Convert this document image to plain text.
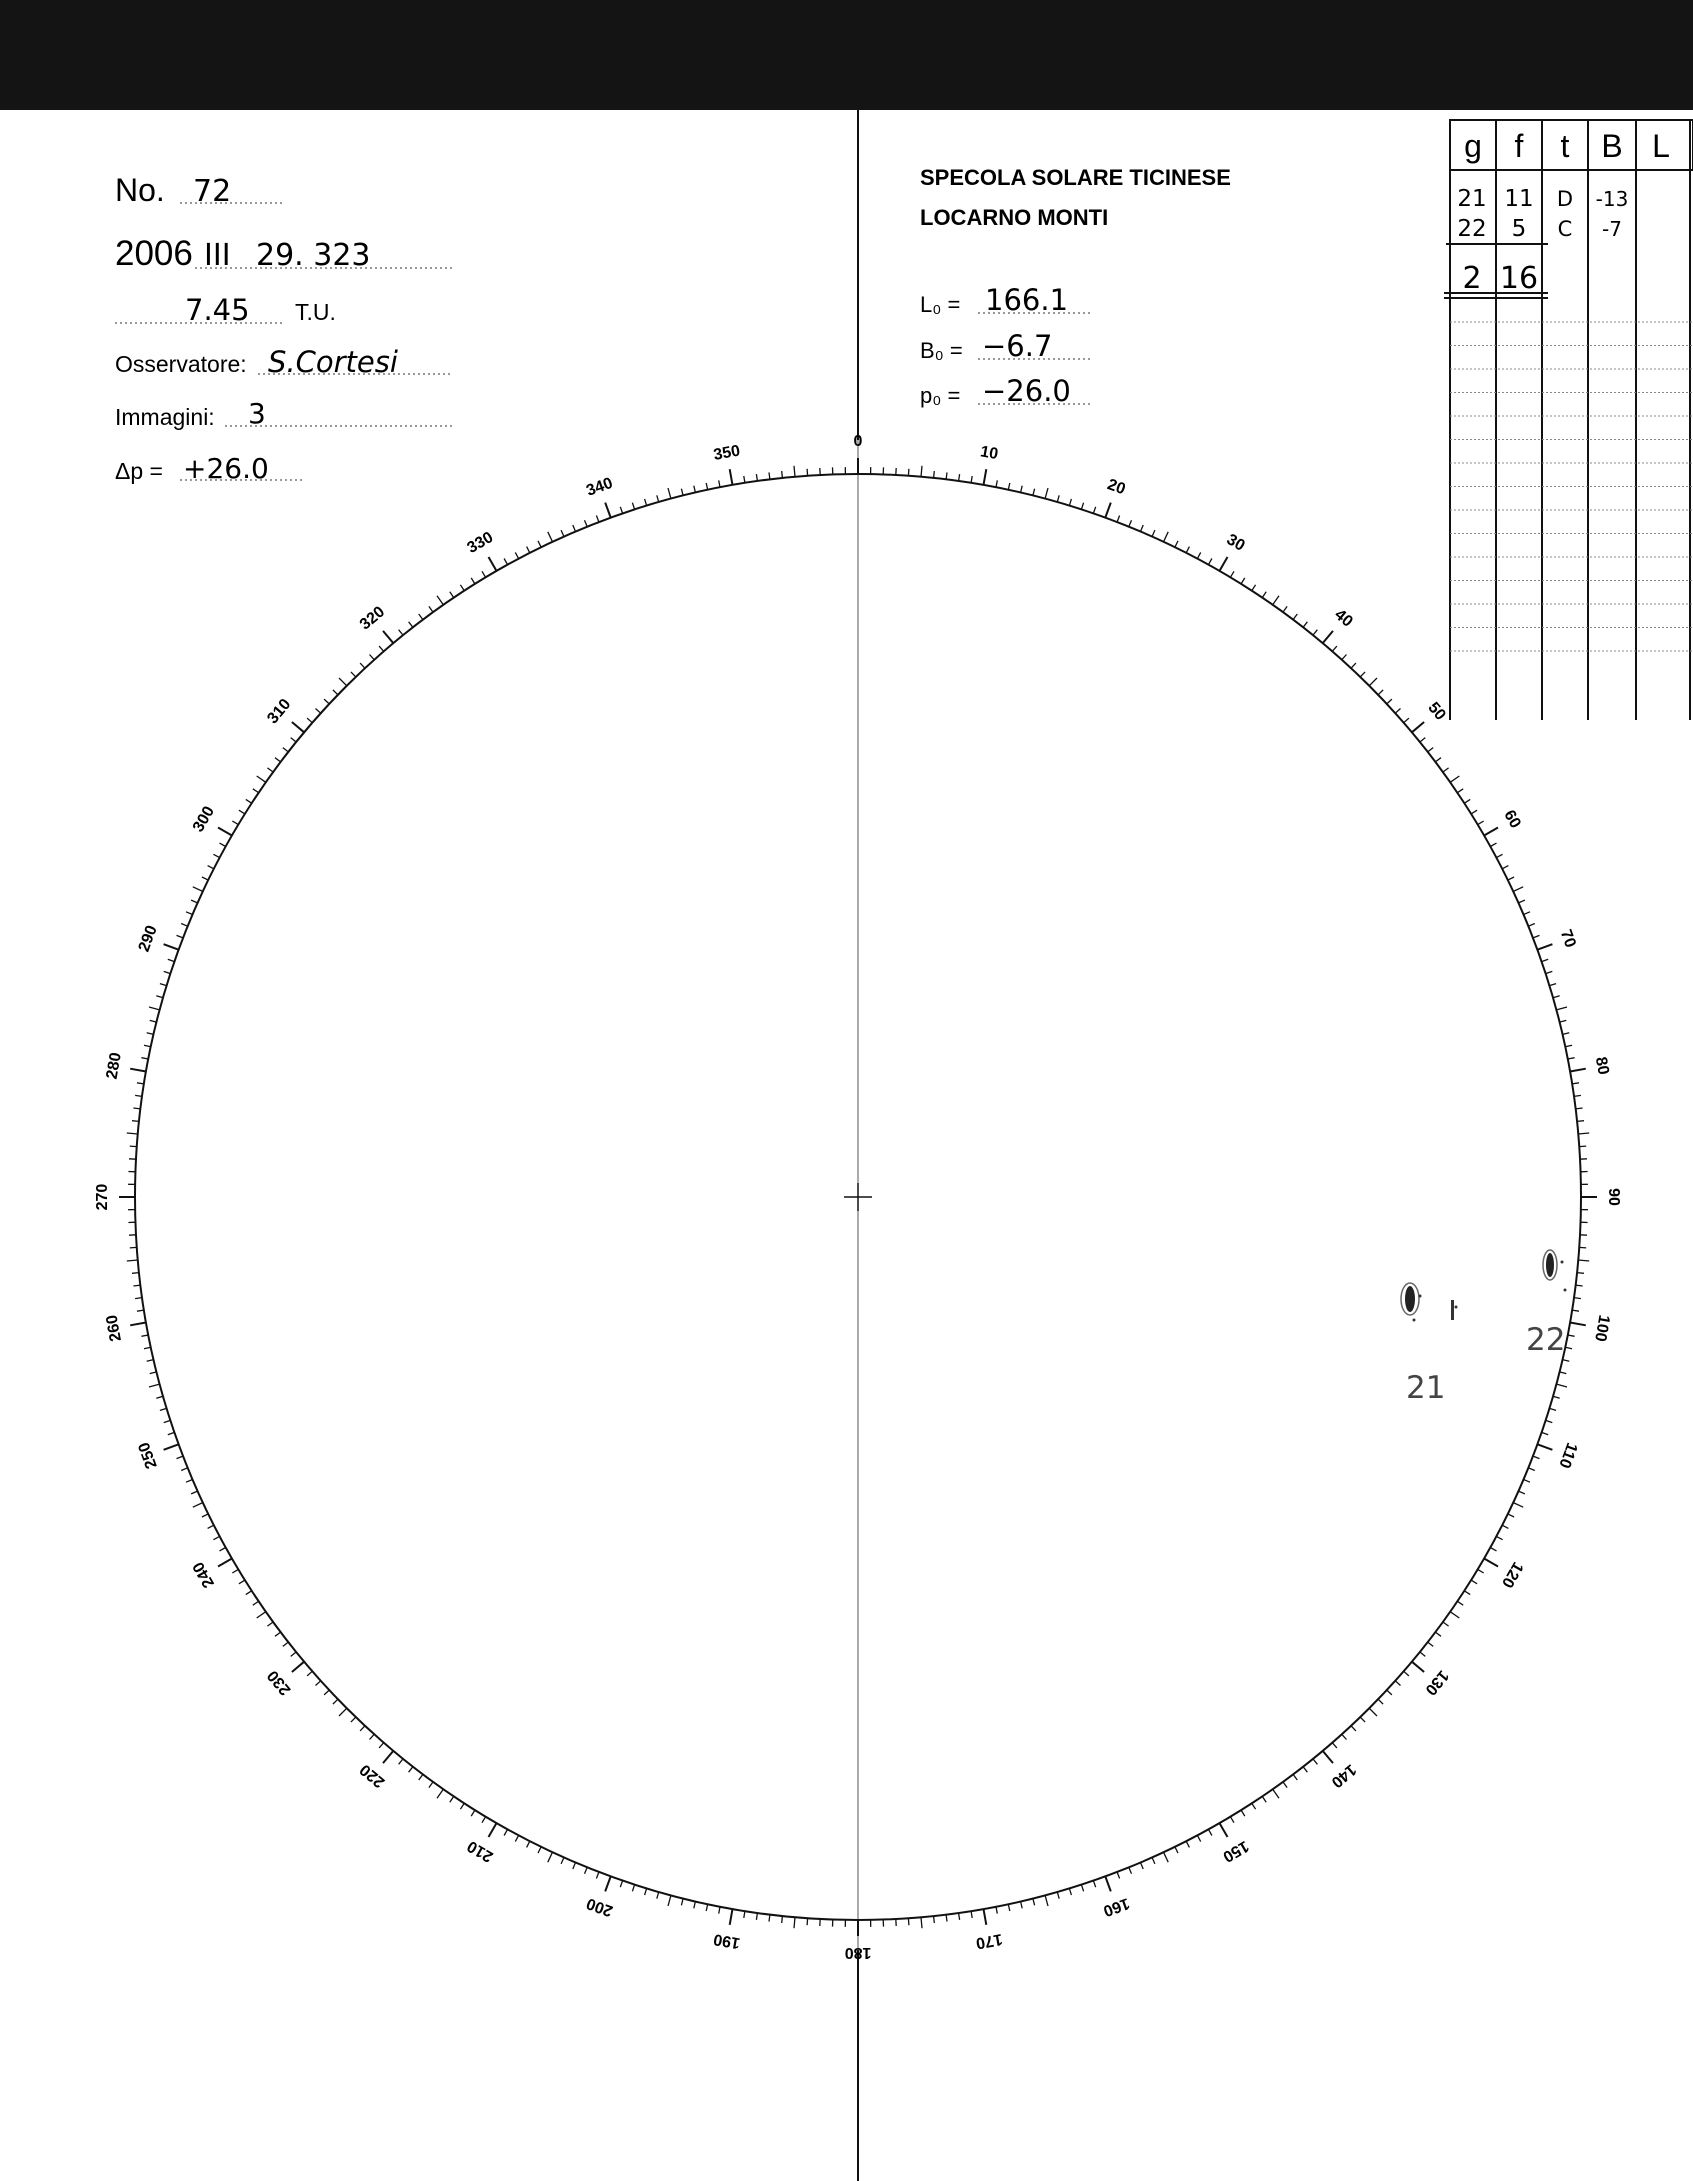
No. 72
2006 III 29. 323
7.45 T.U.
Osservatore: S.Cortesi
Immagini: 3
Δp = +26.0
SPECOLA SOLARE TICINESE
LOCARNO MONTI
L₀ = 166.1
B₀ = −6.7
p₀ = −26.0
g f t B L
21 11 D -13
22 5 C -7
2 16
0
10
20
30
40
50
60
70
80
90
100
110
120
130
140
150
160
170
180
190
200
210
220
230
240
250
260
270
280
290
300
310
320
330
340
350
21
22
